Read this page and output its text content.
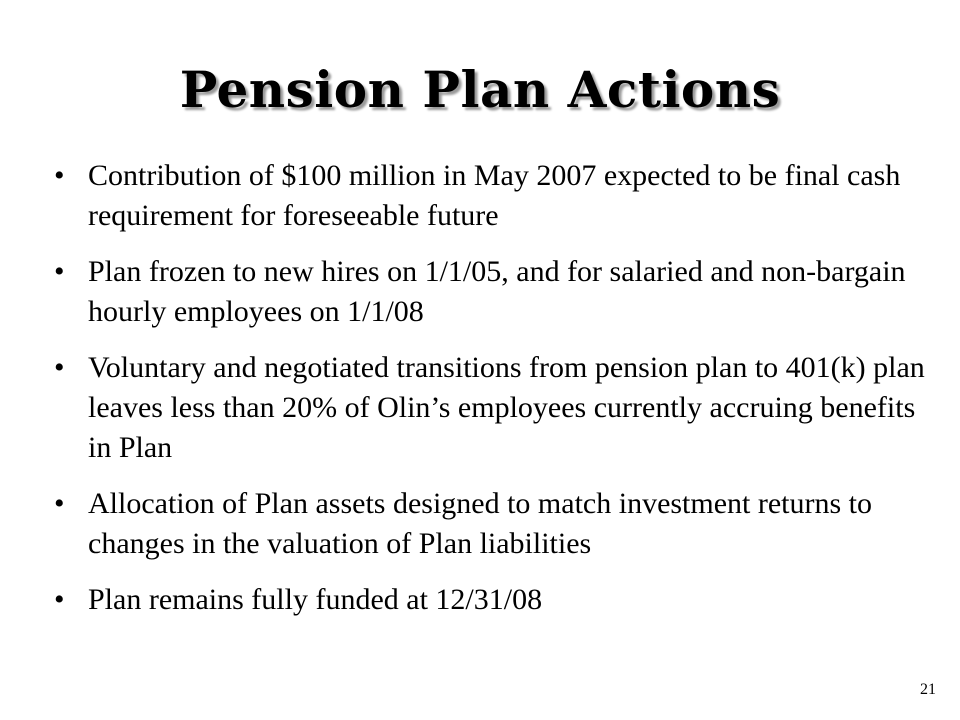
Pension Plan Actions
• Contribution of $100 million in May 2007 expected to be final cash requirement for foreseeable future
• Plan frozen to new hires on 1/1/05, and for salaried and non-bargain hourly employees on 1/1/08
• Voluntary and negotiated transitions from pension plan to 401(k) plan leaves less than 20% of Olin’s employees currently accruing benefits in Plan
• Allocation of Plan assets designed to match investment returns to changes in the valuation of Plan liabilities
• Plan remains fully funded at 12/31/08
21
